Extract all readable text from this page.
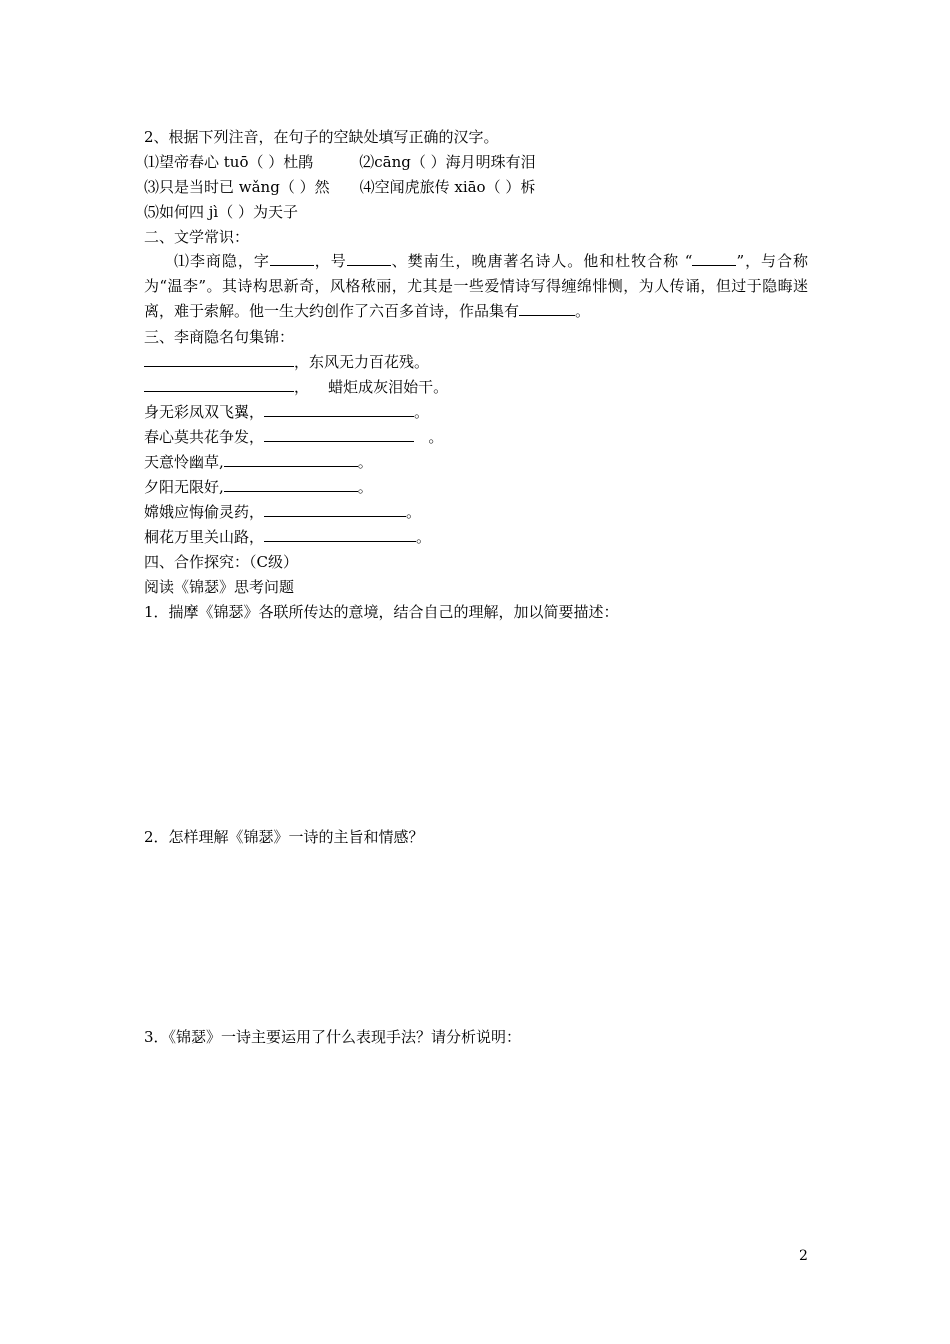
2、根据下列注音，在句子的空缺处填写正确的汉字。
⑴望帝春心 tuō（ ）杜鹃	⑵cāng（ ）海月明珠有泪
⑶只是当时已 wǎng（ ）然 ⑷空闻虎旅传 xiāo（ ）柝
⑸如何四 jì（ ）为天子
二、文学常识：
⑴李商隐，字	，号	、樊南生，晚唐著名诗人。他和杜牧合称 “	”，与合称为“温李”。其诗构思新奇，风格秾丽，尤其是一些爱情诗写得缠绵悱恻，为人传诵，但过于隐晦迷离，难于索解。他一生大约创作了六百多首诗，作品集有	。
三、李商隐名句集锦：
，东风无力百花残。
，    蜡炬成灰泪始干。
身无彩凤双飞翼，	。
春心莫共花争发，	。
天意怜幽草,	。
夕阳无限好,	。
嫦娥应悔偷灵药，	。
桐花万里关山路，	。
四、合作探究：（C级）
阅读《锦瑟》思考问题
1．揣摩《锦瑟》各联所传达的意境，结合自己的理解，加以简要描述：
2．怎样理解《锦瑟》一诗的主旨和情感？
3．《锦瑟》一诗主要运用了什么表现手法？请分析说明：
2
